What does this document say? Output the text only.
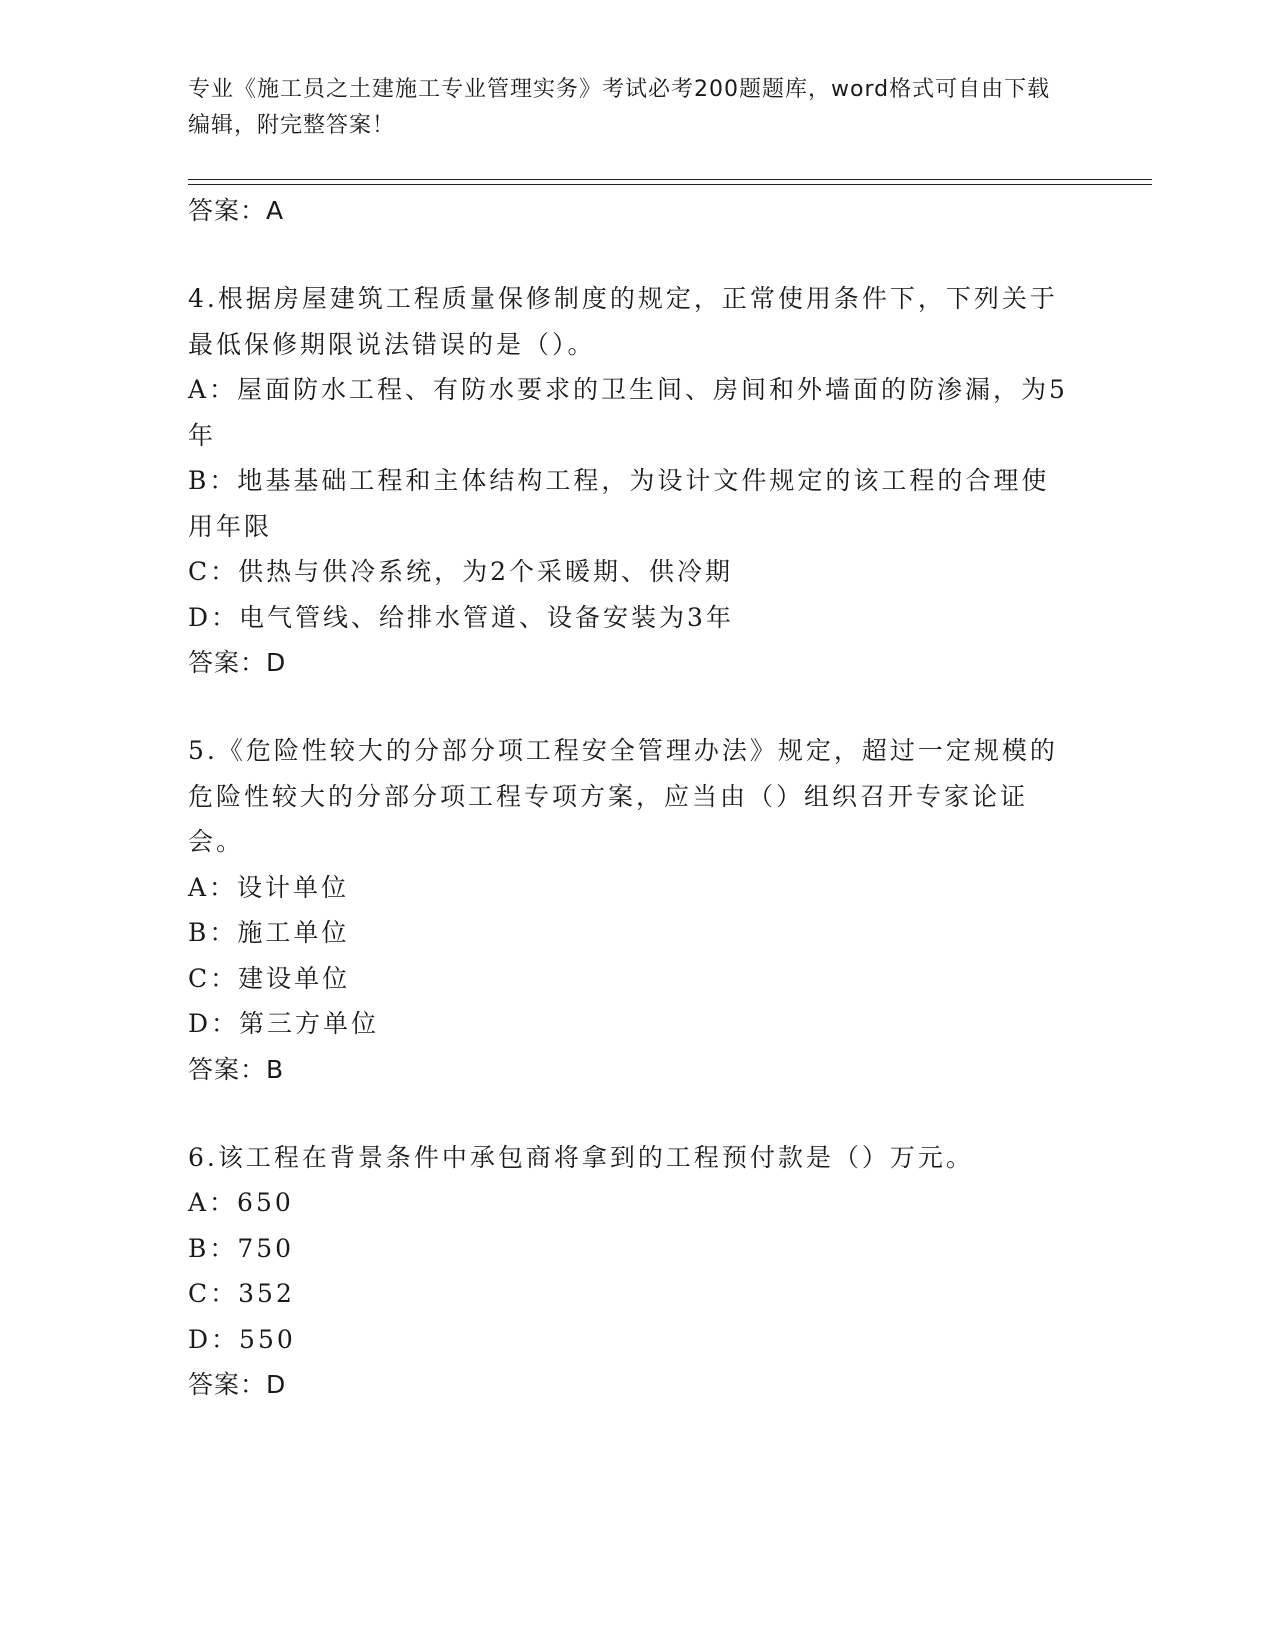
专业《施工员之土建施工专业管理实务》考试必考200题题库，word格式可自由下载编辑，附完整答案！
答案：A
4.根据房屋建筑工程质量保修制度的规定，正常使用条件下，下列关于最低保修期限说法错误的是（）。
A：屋面防水工程、有防水要求的卫生间、房间和外墙面的防渗漏，为5年
B：地基基础工程和主体结构工程，为设计文件规定的该工程的合理使用年限
C：供热与供冷系统，为2个采暖期、供冷期
D：电气管线、给排水管道、设备安装为3年
答案：D
5.《危险性较大的分部分项工程安全管理办法》规定，超过一定规模的危险性较大的分部分项工程专项方案，应当由（）组织召开专家论证会。
A：设计单位
B：施工单位
C：建设单位
D：第三方单位
答案：B
6.该工程在背景条件中承包商将拿到的工程预付款是（）万元。
A：650
B：750
C：352
D：550
答案：D
